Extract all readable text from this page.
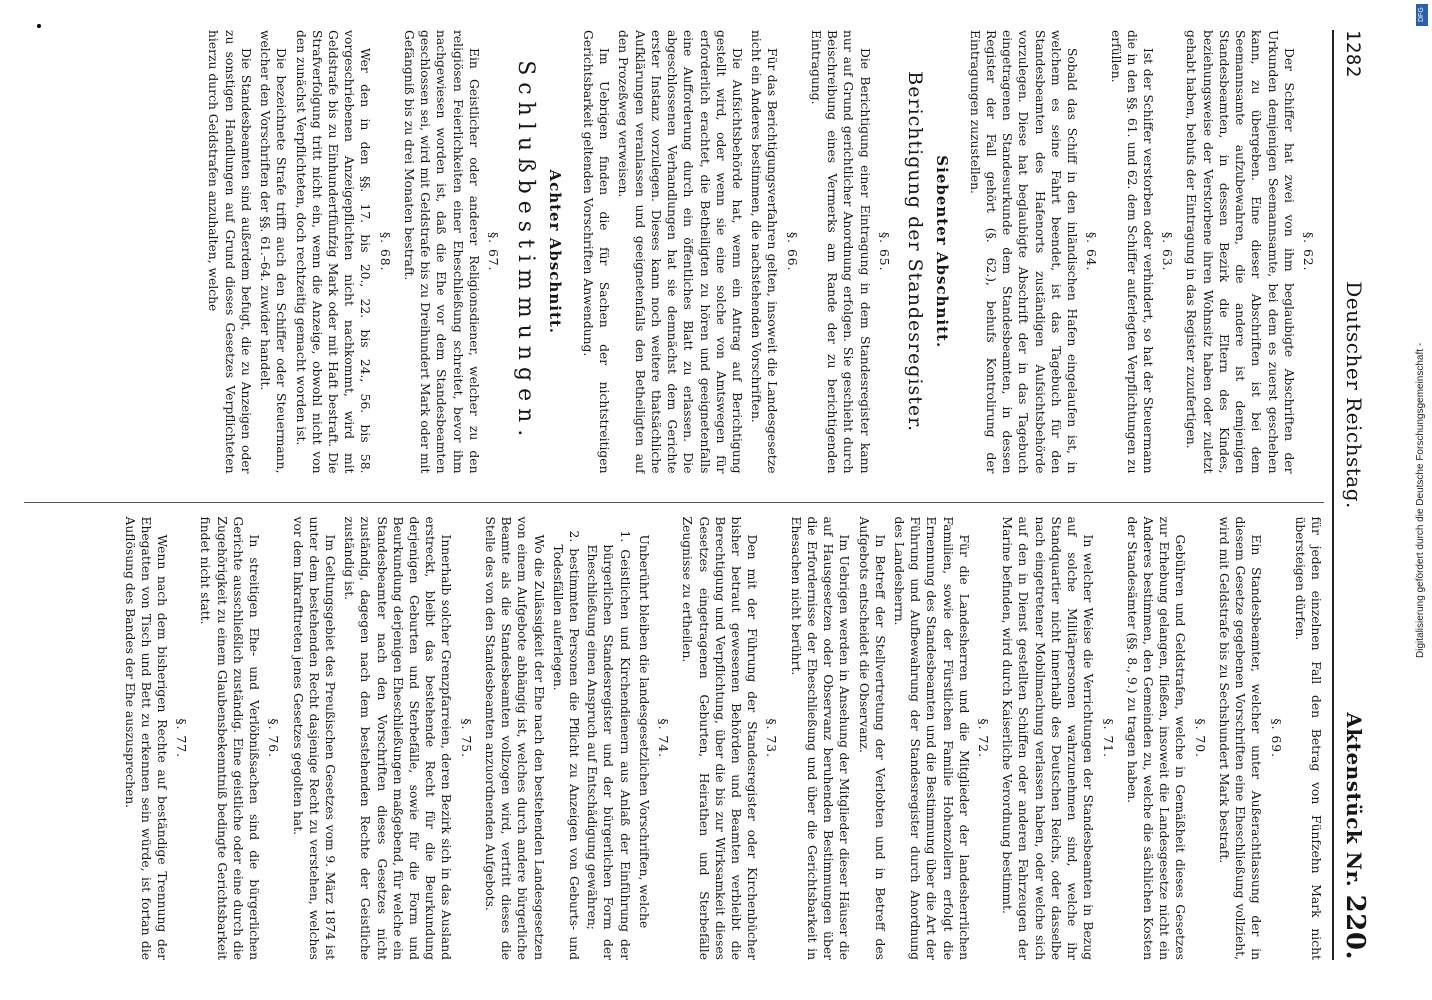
1282
Deutscher Reichstag.
Aktenstück Nr. 220.
§. 62.

Der Schiffer hat zwei von ihm beglaubigte Abschriften der Urkunden demjenigen Seemannsamte, bei dem es zuerst geschehen kann, zu übergeben. Eine dieser Abschriften ist bei dem Seemannsamte aufzubewahren, die andere ist demjenigen Standesbeamten, in dessen Bezirk die Eltern des Kindes, beziehungsweise der Verstorbene ihren Wohnsitz haben oder zuletzt gehabt haben, behufs der Eintragung in das Register zuzufertigen.

§. 63.

Ist der Schiffer verstorben oder verhindert, so hat der Steuermann die in den §§. 61. und 62. dem Schiffer auferlegten Verpflichtungen zu erfüllen.

§. 64.

Sobald das Schiff in den inländischen Hafen eingelaufen ist, in welchem es seine Fahrt beendet, ist das Tagebuch für den Standesbeamten des Hafenorts zuständigen Aufsichtsbehörde vorzulegen. Diese hat beglaubigte Abschrift der in das Tagebuch eingetragenen Standesurkunde dem Standesbeamten, in dessen Register der Fall gehört (§. 62.), behufs Kontrolirung der Eintragungen zuzustellen.

Siebenter Abschnitt.
Berichtigung der Standesregister.
§. 65.

Die Berichtigung einer Eintragung in dem Standesregister kann nur auf Grund gerichtlicher Anordnung erfolgen. Sie geschieht durch Beischreibung eines Vermerks am Rande der zu berichtigenden Eintragung.

§. 66.

Für das Berichtigungsverfahren gelten, insoweit die Landesgesetze nicht ein Anderes bestimmen, die nachstehenden Vorschriften.

Die Aufsichtsbehörde hat, wenn ein Antrag auf Berichtigung gestellt wird, oder wenn sie eine solche von Amtswegen für erforderlich erachtet, die Betheiligten zu hören und geeignetenfalls eine Aufforderung durch ein öffentliches Blatt zu erlassen. Die abgeschlossenen Verhandlungen hat sie demnächst dem Gerichte erster Instanz vorzulegen. Dieses kann noch weitere thatsächliche Aufklärungen veranlassen und geeignetenfalls den Betheiligten auf den Prozeßweg verweisen.

Im Uebrigen finden die für Sachen der nichtstreitigen Gerichtsbarkeit geltenden Vorschriften Anwendung.

Achter Abschnitt.
Schlußbestimmungen.
§. 67.

Ein Geistlicher oder anderer Religionsdiener, welcher zu den religiösen Feierlichkeiten einer Eheschließung schreitet, bevor ihm nachgewiesen worden ist, daß die Ehe vor dem Standesbeamten geschlossen sei, wird mit Geldstrafe bis zu Dreihundert Mark oder mit Gefängniß bis zu drei Monaten bestraft.

§. 68.

Wer den in den §§. 17. bis 20., 22. bis 24., 56. bis 58. vorgeschriebenen Anzeigepflichten nicht nachkommt, wird mit Geldstrafe bis zu Einhundertfünfzig Mark oder mit Haft bestraft. Die Strafverfolgung tritt nicht ein, wenn die Anzeige, obwohl nicht von den zunächst Verpflichteten, doch rechtzeitig gemacht worden ist.

Die bezeichnete Strafe trifft auch den Schiffer oder Steuermann, welcher den Vorschriften der §§. 61.–64. zuwider handelt.

Die Standesbeamten sind außerdem befugt, die zu Anzeigen oder zu sonstigen Handlungen auf Grund dieses Gesetzes Verpflichteten hierzu durch Geldstrafen anzuhalten, welche

für jeden einzelnen Fall den Betrag von Fünfzehn Mark nicht übersteigen dürfen.

§. 69.

Ein Standesbeamter, welcher unter Außerachtlassung der in diesem Gesetze gegebenen Vorschriften eine Eheschließung vollzieht, wird mit Geldstrafe bis zu Sechshundert Mark bestraft.

§. 70.

Gebühren und Geldstrafen, welche in Gemäßheit dieses Gesetzes zur Erhebung gelangen, fließen, insoweit die Landesgesetze nicht ein Anderes bestimmen, den Gemeinden zu, welche die sächlichen Kosten der Standesämter (§§. 8., 9.) zu tragen haben.

§. 71.

In welcher Weise die Verrichtungen der Standesbeamten in Bezug auf solche Militärpersonen wahrzunehmen sind, welche ihr Standquartier nicht innerhalb des Deutschen Reichs, oder dasselbe nach eingetretener Mobilmachung verlassen haben, oder welche sich auf den in Dienst gestellten Schiffen oder anderen Fahrzeugen der Marine befinden, wird durch Kaiserliche Verordnung bestimmt.

§. 72.

Für die Landesherren und die Mitglieder der landesherrlichen Familien, sowie der Fürstlichen Familie Hohenzollern erfolgt die Ernennung des Standesbeamten und die Bestimmung über die Art der Führung und Aufbewahrung der Standesregister durch Anordnung des Landesherrn.

In Betreff der Stellvertretung der Verlobten und in Betreff des Aufgebots entscheidet die Observanz.

Im Uebrigen werden in Ansehung der Mitglieder dieser Häuser die auf Hausgesetzen oder Observanz beruhenden Bestimmungen über die Erfordernisse der Eheschließung und über die Gerichtsbarkeit in Ehesachen nicht berührt.

§. 73.

Den mit der Führung der Standesregister oder Kirchenbücher bisher betraut gewesenen Behörden und Beamten verbleibt die Berechtigung und Verpflichtung, über die bis zur Wirksamkeit dieses Gesetzes eingetragenen Geburten, Heirathen und Sterbefälle Zeugnisse zu ertheilen.

§. 74.

Unberührt bleiben die landesgesetzlichen Vorschriften, welche

1. Geistlichen und Kirchendienern aus Anlaß der Einführung der bürgerlichen Standesregister und der bürgerlichen Form der Eheschließung einen Anspruch auf Entschädigung gewähren;
2. bestimmten Personen die Pflicht zu Anzeigen von Geburts- und Todesfällen auferlegen.

Wo die Zulässigkeit der Ehe nach den bestehenden Landesgesetzen von einem Aufgebote abhängig ist, welches durch andere bürgerliche Beamte als die Standesbeamten vollzogen wird, vertritt dieses die Stelle des von den Standesbeamten anzuordnenden Aufgebots.

§. 75.

Innerhalb solcher Grenzpfarreien, deren Bezirk sich in das Ausland erstreckt, bleibt das bestehende Recht für die Beurkundung derjenigen Geburten und Sterbefälle, sowie für die Form und Beurkundung derjenigen Eheschließungen maßgebend, für welche ein Standesbeamter nach den Vorschriften dieses Gesetzes nicht zuständig, dagegen nach dem bestehenden Rechte der Geistliche zuständig ist.

Im Geltungsgebiet des Preußischen Gesetzes vom 9. März 1874 ist unter dem bestehenden Recht dasjenige Recht zu verstehen, welches vor dem Inkrafttreten jenes Gesetzes gegolten hat.

§. 76.

In streitigen Ehe- und Verlöbnißsachen sind die bürgerlichen Gerichte ausschließlich zuständig. Eine geistliche oder eine durch die Zugehörigkeit zu einem Glaubensbekenntniß bedingte Gerichtsbarkeit findet nicht statt.

§. 77.

Wenn nach dem bisherigen Rechte auf beständige Trennung der Ehegatten von Tisch und Bett zu erkennen sein würde, ist fortan die Auflösung des Bandes der Ehe auszusprechen.

DFG
Digitalisierung gefördert durch die Deutsche Forschungsgemeinschaft -
